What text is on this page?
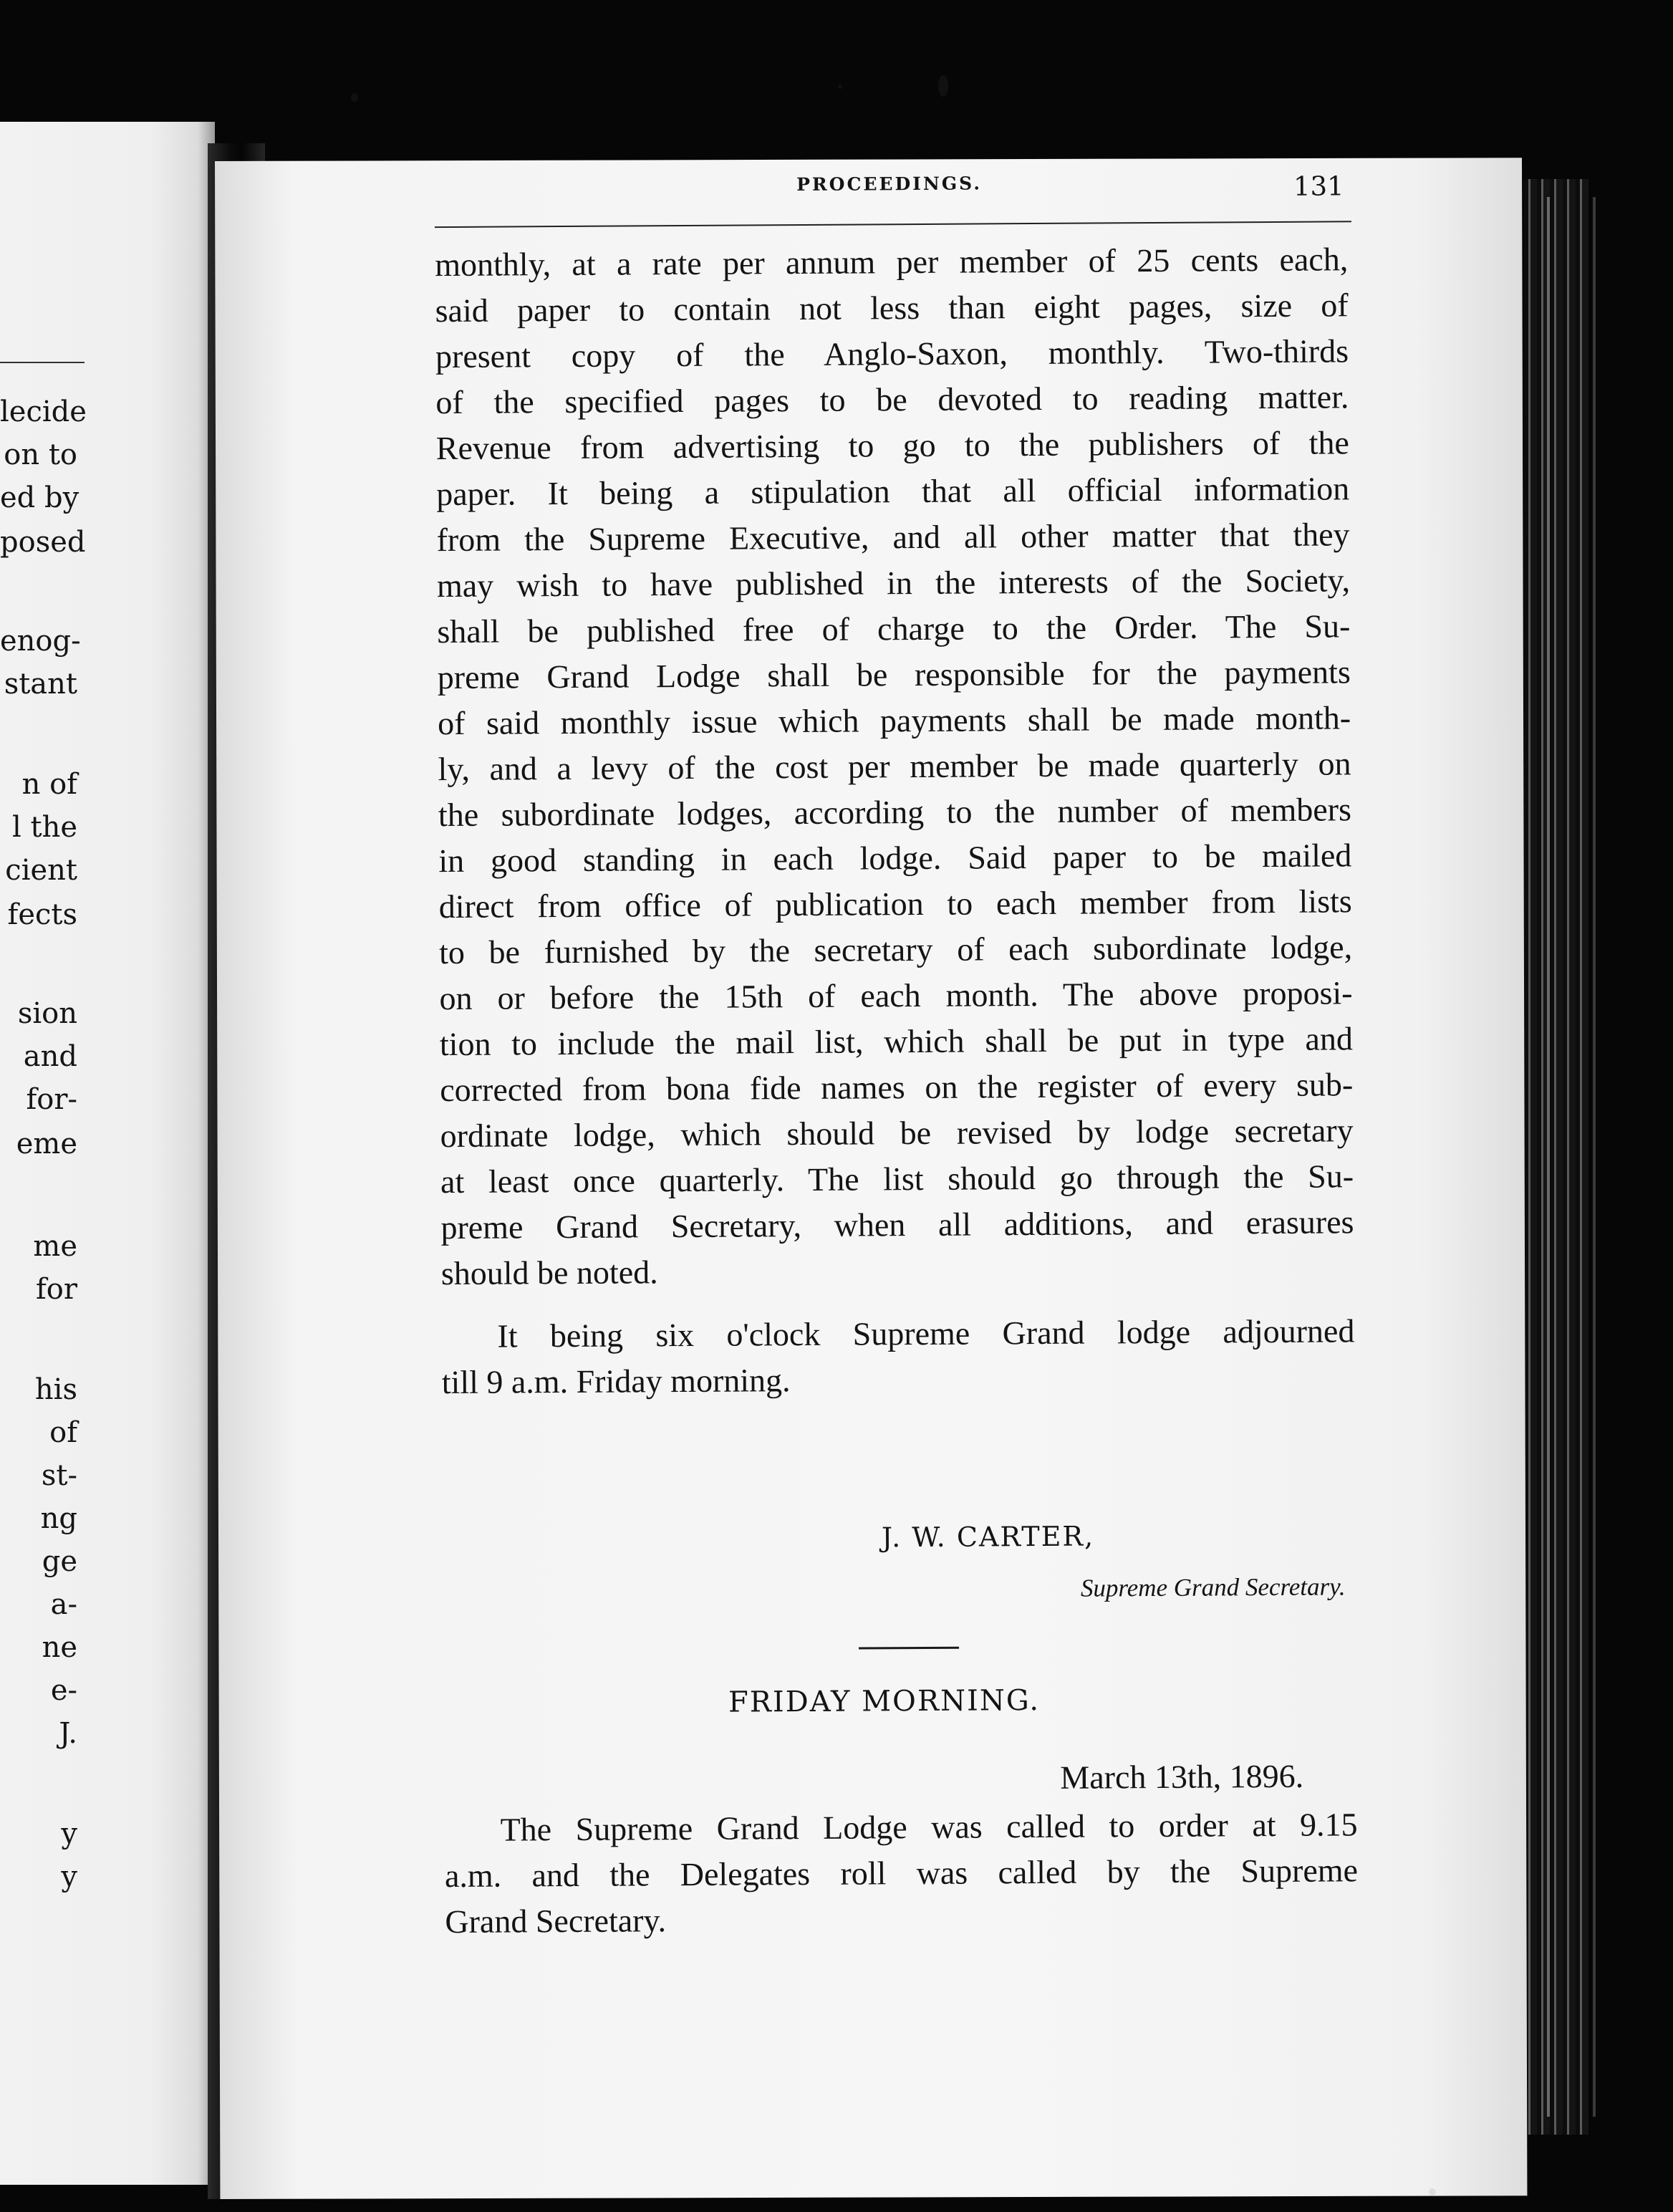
lecide
on to
ed by
posed
enog-
stant
n of
l the
cient
fects
sion
and
for-
eme
me
for
his
of
st-
ng
ge
a-
ne
e-
J.
y
y
PROCEEDINGS.	131
monthly, at a rate per annum per member of 25 cents each,
said paper to contain not less than eight pages, size of
present copy of the Anglo-Saxon, monthly. Two-thirds
of the specified pages to be devoted to reading matter.
Revenue from advertising to go to the publishers of the
paper. It being a stipulation that all official information
from the Supreme Executive, and all other matter that they
may wish to have published in the interests of the Society,
shall be published free of charge to the Order. The Su-
preme Grand Lodge shall be responsible for the payments
of said monthly issue which payments shall be made month-
ly, and a levy of the cost per member be made quarterly on
the subordinate lodges, according to the number of members
in good standing in each lodge. Said paper to be mailed
direct from office of publication to each member from lists
to be furnished by the secretary of each subordinate lodge,
on or before the 15th of each month. The above proposi-
tion to include the mail list, which shall be put in type and
corrected from bona fide names on the register of every sub-
ordinate lodge, which should be revised by lodge secretary
at least once quarterly. The list should go through the Su-
preme Grand Secretary, when all additions, and erasures
should be noted.
It being six o'clock Supreme Grand lodge adjourned
till 9 a.m. Friday morning.
J. W. CARTER,
Supreme Grand Secretary.
FRIDAY MORNING.
March 13th, 1896.
The Supreme Grand Lodge was called to order at 9.15
a.m. and the Delegates roll was called by the Supreme
Grand Secretary.
